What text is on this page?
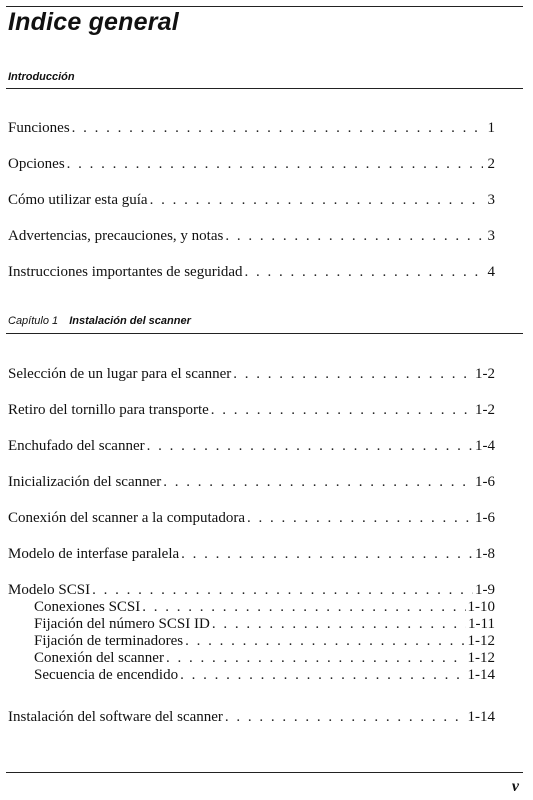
Indice general
Introducción
Funciones . . .	1
Opciones . . .	2
Cómo utilizar esta guía . . .	3
Advertencias, precauciones, y notas . . .	3
Instrucciones importantes de seguridad . . .	4
Capítulo 1 Instalación del scanner
Selección de un lugar para el scanner . . .	1-2
Retiro del tornillo para transporte . . .	1-2
Enchufado del scanner . . .	1-4
Inicialización del scanner . . .	1-6
Conexión del scanner a la computadora . . .	1-6
Modelo de interfase paralela . . .	1-8
Modelo SCSI . . .	1-9
Conexiones SCSI . . .	1-10
Fijación del número SCSI ID . . .	1-11
Fijación de terminadores . . .	1-12
Conexión del scanner . . .	1-12
Secuencia de encendido . . .	1-14
Instalación del software del scanner . . .	1-14
v
